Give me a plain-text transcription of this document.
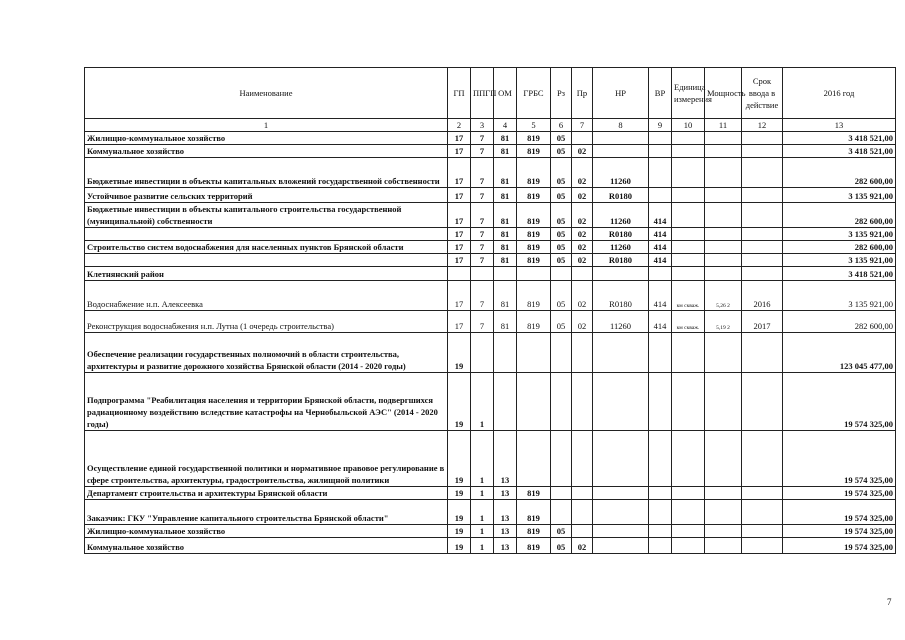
Наименование	ГП	ППГП	ОМ	ГРБС	Рз	Пр	НР	ВР	Единица измерения	Мощность	Срок ввода в действие	2016 год
1	2	3	4	5	6	7	8	9	10	11	12	13
Жилищно-коммунальное хозяйство	17	7	81	819	05							3 418 521,00
Коммунальное хозяйство	17	7	81	819	05	02						3 418 521,00
Бюджетные инвестиции в объекты капитальных вложений государственной собственности	17	7	81	819	05	02	11260					282 600,00
Устойчивое развитие сельских территорий	17	7	81	819	05	02	R0180					3 135 921,00
Бюджетные инвестиции в объекты капитального строительства государственной (муниципальной) собственности	17	7	81	819	05	02	11260	414				282 600,00
	17	7	81	819	05	02	R0180	414				3 135 921,00
Строительство систем водоснабжения для населенных пунктов Брянской области	17	7	81	819	05	02	11260	414				282 600,00
	17	7	81	819	05	02	R0180	414				3 135 921,00
Клетнянский район												3 418 521,00
Водоснабжение н.п. Алексеевка	17	7	81	819	05	02	R0180	414	км скваж.	5,26 2	2016	3 135 921,00
Реконструкция водоснабжения н.п. Лутна (1 очередь строительства)	17	7	81	819	05	02	11260	414	км скваж.	5,19 2	2017	282 600,00
Обеспечение реализации государственных полномочий в области строительства, архитектуры и развитие дорожного хозяйства Брянской области (2014 - 2020 годы)	19											123 045 477,00
Подпрограмма "Реабилитация населения и территории Брянской области, подвергшихся радиационному воздействию вследствие катастрофы на Чернобыльской АЭС" (2014 - 2020 годы)	19	1										19 574 325,00
Осуществление единой государственной политики и нормативное правовое регулирование в сфере строительства, архитектуры, градостроительства, жилищной политики	19	1	13									19 574 325,00
Департамент строительства и архитектуры Брянской области	19	1	13	819								19 574 325,00
Заказчик: ГКУ "Управление капитального строительства Брянской области"	19	1	13	819								19 574 325,00
Жилищно-коммунальное хозяйство	19	1	13	819	05							19 574 325,00
Коммунальное хозяйство	19	1	13	819	05	02						19 574 325,00
7
